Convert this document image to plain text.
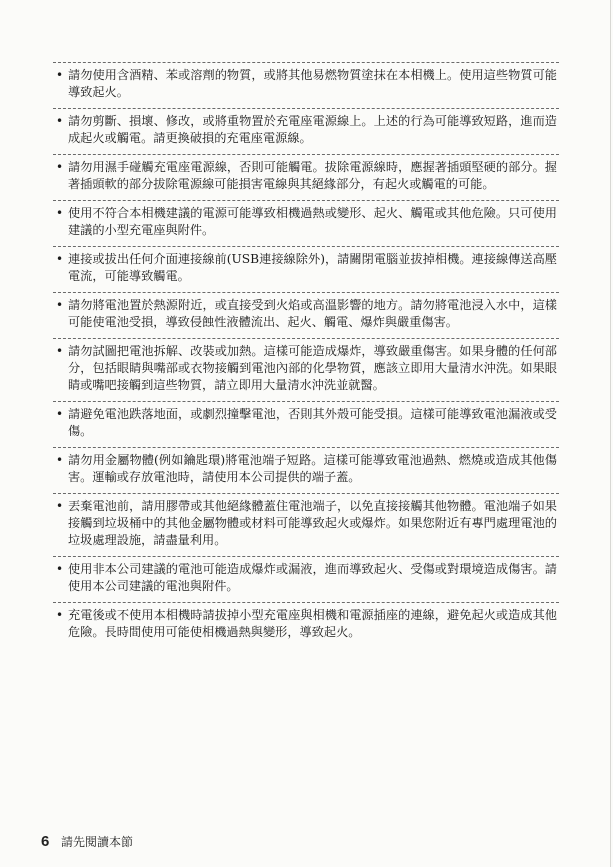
• 請勿使用含酒精、苯或溶劑的物質，或將其他易燃物質塗抹在本相機上。使用這些物質可能導致起火。
• 請勿剪斷、損壞、修改，或將重物置於充電座電源線上。上述的行為可能導致短路，進而造成起火或觸電。請更換破損的充電座電源線。
• 請勿用濕手碰觸充電座電源線，否則可能觸電。拔除電源線時，應握著插頭堅硬的部分。握著插頭軟的部分拔除電源線可能損害電線與其絕緣部分，有起火或觸電的可能。
• 使用不符合本相機建議的電源可能導致相機過熱或變形、起火、觸電或其他危險。只可使用建議的小型充電座與附件。
• 連接或拔出任何介面連接線前(USB連接線除外)，請關閉電腦並拔掉相機。連接線傳送高壓電流，可能導致觸電。
• 請勿將電池置於熱源附近，或直接受到火焰或高溫影響的地方。請勿將電池浸入水中，這樣可能使電池受損，導致侵蝕性液體流出、起火、觸電、爆炸與嚴重傷害。
• 請勿試圖把電池拆解、改裝或加熱。這樣可能造成爆炸，導致嚴重傷害。如果身體的任何部分，包括眼睛與嘴部或衣物接觸到電池內部的化學物質，應該立即用大量清水沖洗。如果眼睛或嘴吧接觸到這些物質，請立即用大量清水沖洗並就醫。
• 請避免電池跌落地面，或劇烈撞擊電池，否則其外殼可能受損。這樣可能導致電池漏液或受傷。
• 請勿用金屬物體(例如鑰匙環)將電池端子短路。這樣可能導致電池過熱、燃燒或造成其他傷害。運輸或存放電池時，請使用本公司提供的端子蓋。
• 丟棄電池前，請用膠帶或其他絕緣體蓋住電池端子，以免直接接觸其他物體。電池端子如果接觸到垃圾桶中的其他金屬物體或材料可能導致起火或爆炸。如果您附近有專門處理電池的垃圾處理設施，請盡量利用。
• 使用非本公司建議的電池可能造成爆炸或漏液，進而導致起火、受傷或對環境造成傷害。請使用本公司建議的電池與附件。
• 充電後或不使用本相機時請拔掉小型充電座與相機和電源插座的連線，避免起火或造成其他危險。長時間使用可能使相機過熱與變形，導致起火。
6 請先閱讀本節
